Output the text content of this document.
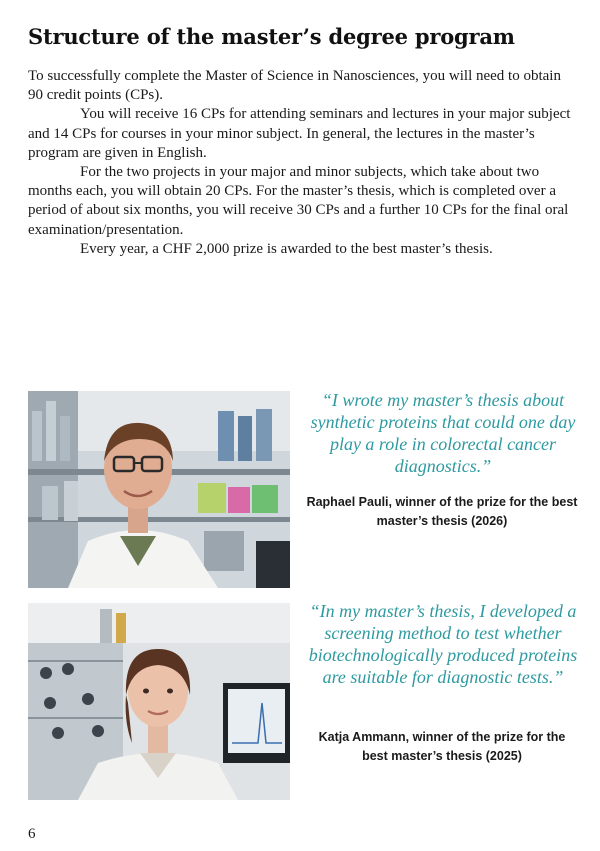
Structure of the master’s degree program

To successfully complete the Master of Science in Nanosciences, you will need to obtain 90 credit points (CPs).

You will receive 16 CPs for attending seminars and lectures in your major subject and 14 CPs for courses in your minor subject. In general, the lectures in the master’s program are given in English.

For the two projects in your major and minor subjects, which take about two months each, you will obtain 20 CPs. For the master’s thesis, which is completed over a period of about six months, you will receive 30 CPs and a further 10 CPs for the final oral examination/presentation.

Every year, a CHF 2,000 prize is awarded to the best master’s thesis.

“I wrote my master’s thesis about synthetic proteins that could one day play a role in colorectal cancer diagnostics.”
Raphael Pauli, winner of the prize for the best master’s thesis (2026)
“In my master’s thesis, I developed a screening method to test whether biotechnologically produced proteins are suitable for diagnostic tests.”
Katja Ammann, winner of the prize for the best master’s thesis (2025)
6
